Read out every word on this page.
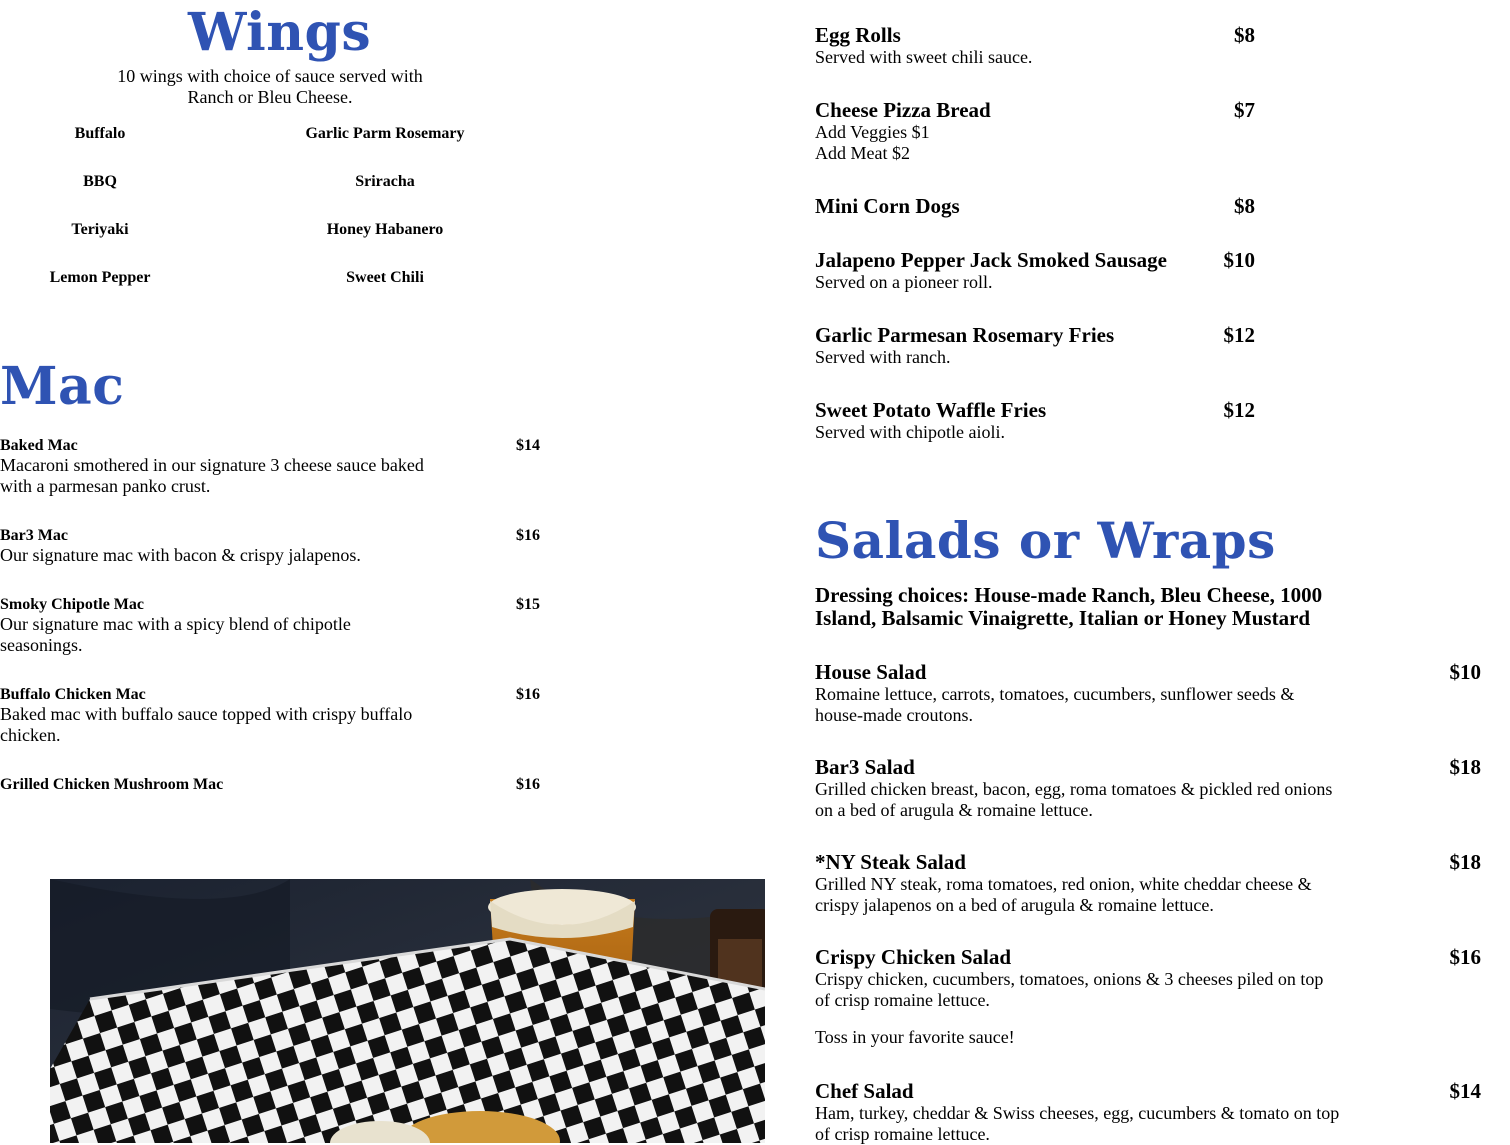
Wings
10 wings with choice of sauce served with Ranch or Bleu Cheese.
Buffalo	Garlic Parm Rosemary
BBQ	Sriracha
Teriyaki	Honey Habanero
Lemon Pepper	Sweet Chili
Mac
Baked Mac	$14
Macaroni smothered in our signature 3 cheese sauce baked with a parmesan panko crust.
Bar3 Mac	$16
Our signature mac with bacon & crispy jalapenos.
Smoky Chipotle Mac	$15
Our signature mac with a spicy blend of chipotle seasonings.
Buffalo Chicken Mac	$16
Baked mac with buffalo sauce topped with crispy buffalo chicken.
Grilled Chicken Mushroom Mac	$16
Egg Rolls	$8
Served with sweet chili sauce.
Cheese Pizza Bread	$7
Add Veggies $1
Add Meat $2
Mini Corn Dogs	$8
Jalapeno Pepper Jack Smoked Sausage	$10
Served on a pioneer roll.
Garlic Parmesan Rosemary Fries	$12
Served with ranch.
Sweet Potato Waffle Fries	$12
Served with chipotle aioli.
Salads or Wraps
Dressing choices: House-made Ranch, Bleu Cheese, 1000 Island, Balsamic Vinaigrette, Italian or Honey Mustard
House Salad	$10
Romaine lettuce, carrots, tomatoes, cucumbers, sunflower seeds & house-made croutons.
Bar3 Salad	$18
Grilled chicken breast, bacon, egg, roma tomatoes & pickled red onions on a bed of arugula & romaine lettuce.
*NY Steak Salad	$18
Grilled NY steak, roma tomatoes, red onion, white cheddar cheese & crispy jalapenos on a bed of arugula & romaine lettuce.
Crispy Chicken Salad	$16
Crispy chicken, cucumbers, tomatoes, onions & 3 cheeses piled on top of crisp romaine lettuce.
Toss in your favorite sauce!
Chef Salad	$14
Ham, turkey, cheddar & Swiss cheeses, egg, cucumbers & tomato on top of crisp romaine lettuce.
